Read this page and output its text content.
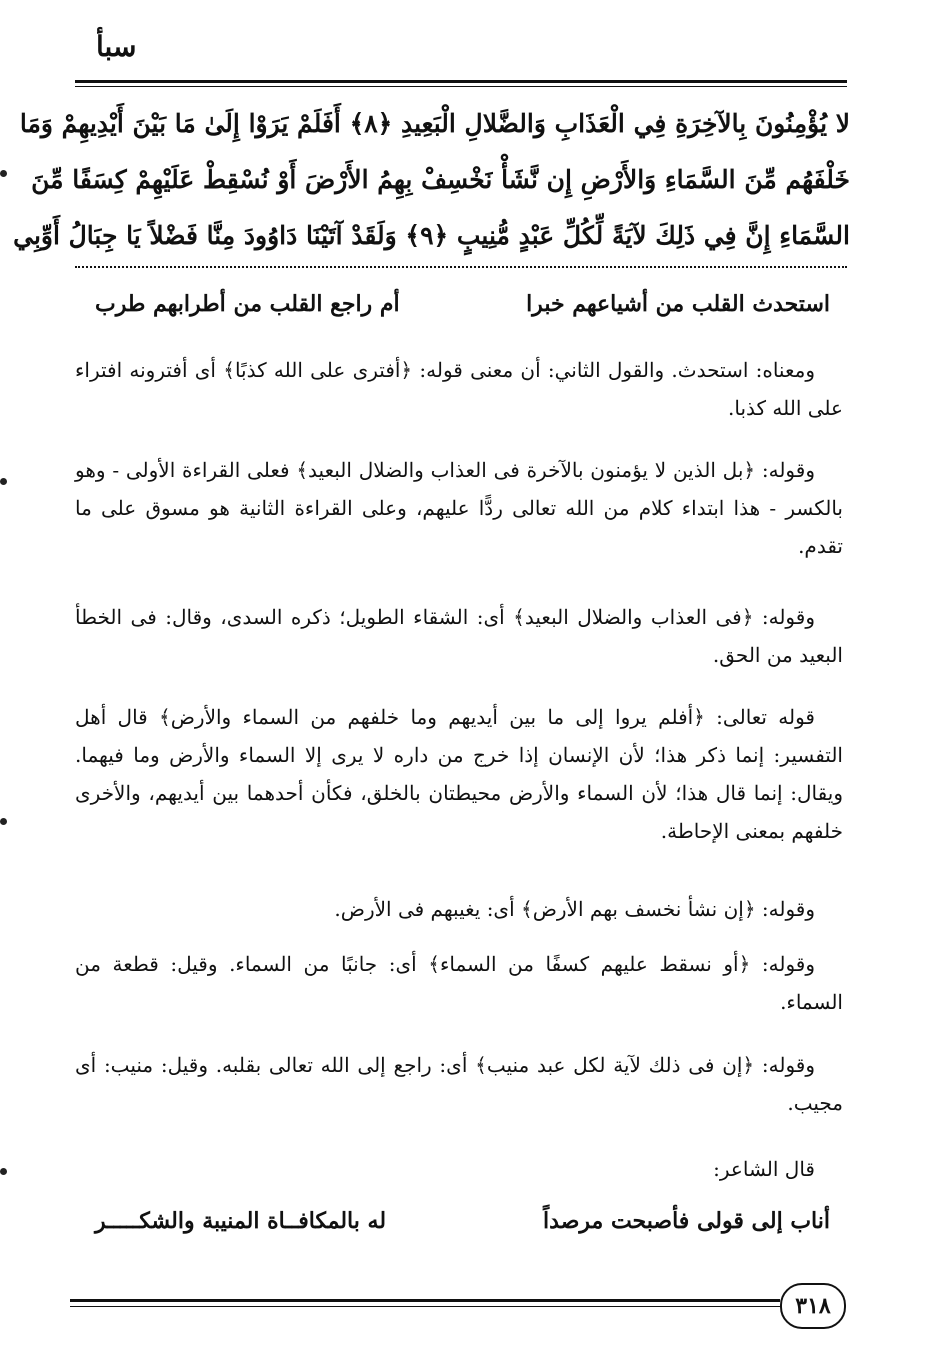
سبأ
لا يُؤْمِنُونَ بِالآخِرَةِ فِي الْعَذَابِ وَالضَّلالِ الْبَعِيدِ ﴿٨﴾ أَفَلَمْ يَرَوْا إِلَىٰ مَا بَيْنَ أَيْدِيهِمْ وَمَا
خَلْفَهُم مِّنَ السَّمَاءِ وَالأَرْضِ إِن نَّشَأْ نَخْسِفْ بِهِمُ الأَرْضَ أَوْ نُسْقِطْ عَلَيْهِمْ كِسَفًا مِّنَ
السَّمَاءِ إِنَّ فِي ذَلِكَ لآيَةً لِّكُلِّ عَبْدٍ مُّنِيبٍ ﴿٩﴾ وَلَقَدْ آتَيْنَا دَاوُودَ مِنَّا فَضْلاً يَا جِبَالُ أَوِّبِي
استحدث القلب من أشياعهم خبرا
أم راجع القلب من أطرابهم طرب
ومعناه: استحدث. والقول الثاني: أن معنى قوله: ﴿أفترى على الله كذبًا﴾ أى أفترونه افتراء على الله كذبا.
وقوله: ﴿بل الذين لا يؤمنون بالآخرة فى العذاب والضلال البعيد﴾ فعلى القراءة الأولى - وهو بالكسر - هذا ابتداء كلام من الله تعالى ردًّا عليهم، وعلى القراءة الثانية هو مسوق على ما تقدم.
وقوله: ﴿فى العذاب والضلال البعيد﴾ أى: الشقاء الطويل؛ ذكره السدى، وقال: فى الخطأ البعيد من الحق.
قوله تعالى: ﴿أفلم يروا إلى ما بين أيديهم وما خلفهم من السماء والأرض﴾ قال أهل التفسير: إنما ذكر هذا؛ لأن الإنسان إذا خرج من داره لا يرى إلا السماء والأرض وما فيهما. ويقال: إنما قال هذا؛ لأن السماء والأرض محيطتان بالخلق، فكأن أحدهما بين أيديهم، والأخرى خلفهم بمعنى الإحاطة.
وقوله: ﴿إن نشأ نخسف بهم الأرض﴾ أى: يغيبهم فى الأرض.
وقوله: ﴿أو نسقط عليهم كسفًا من السماء﴾ أى: جانبًا من السماء. وقيل: قطعة من السماء.
وقوله: ﴿إن فى ذلك لآية لكل عبد منيب﴾ أى: راجع إلى الله تعالى بقلبه. وقيل: منيب: أى مجيب.
قال الشاعر:
أناب إلى قولى فأصبحت مرصداً
له بالمكافــاة المنيبة والشكـــــر
٣١٨
